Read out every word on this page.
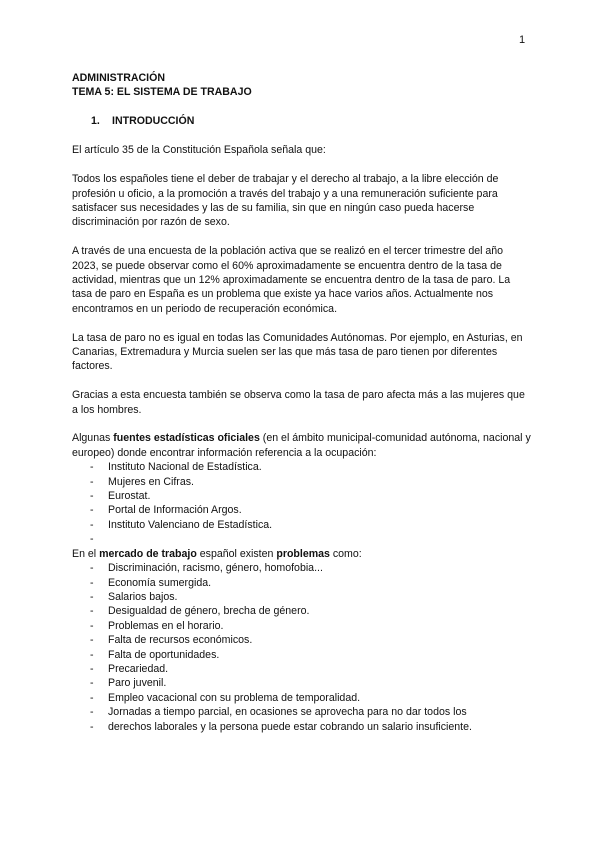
1

ADMINISTRACIÓN

TEMA 5: EL SISTEMA DE TRABAJO

1. INTRODUCCIÓN

El artículo 35 de la Constitución Española señala que:

Todos los españoles tiene el deber de trabajar y el derecho al trabajo, a la libre elección de profesión u oficio, a la promoción a través del trabajo y a una remuneración suficiente para satisfacer sus necesidades y las de su familia, sin que en ningún caso pueda hacerse discriminación por razón de sexo.

A través de una encuesta de la población activa que se realizó en el tercer trimestre del año 2023, se puede observar como el 60% aproximadamente se encuentra dentro de la tasa de actividad, mientras que un 12% aproximadamente se encuentra dentro de la tasa de paro. La tasa de paro en España es un problema que existe ya hace varios años. Actualmente nos encontramos en un periodo de recuperación económica.

La tasa de paro no es igual en todas las Comunidades Autónomas. Por ejemplo, en Asturias, en Canarias, Extremadura y Murcia suelen ser las que más tasa de paro tienen por diferentes factores.

Gracias a esta encuesta también se observa como la tasa de paro afecta más a las mujeres que a los hombres.

Algunas fuentes estadísticas oficiales (en el ámbito municipal-comunidad autónoma, nacional y europeo) donde encontrar información referencia a la ocupación:

- Instituto Nacional de Estadística.
- Mujeres en Cifras.
- Eurostat.
- Portal de Información Argos.
- Instituto Valenciano de Estadística.
-

En el mercado de trabajo español existen problemas como:

- Discriminación, racismo, género, homofobia...
- Economía sumergida.
- Salarios bajos.
- Desigualdad de género, brecha de género.
- Problemas en el horario.
- Falta de recursos económicos.
- Falta de oportunidades.
- Precariedad.
- Paro juvenil.
- Empleo vacacional con su problema de temporalidad.
- Jornadas a tiempo parcial, en ocasiones se aprovecha para no dar todos los
- derechos laborales y la persona puede estar cobrando un salario insuficiente.
